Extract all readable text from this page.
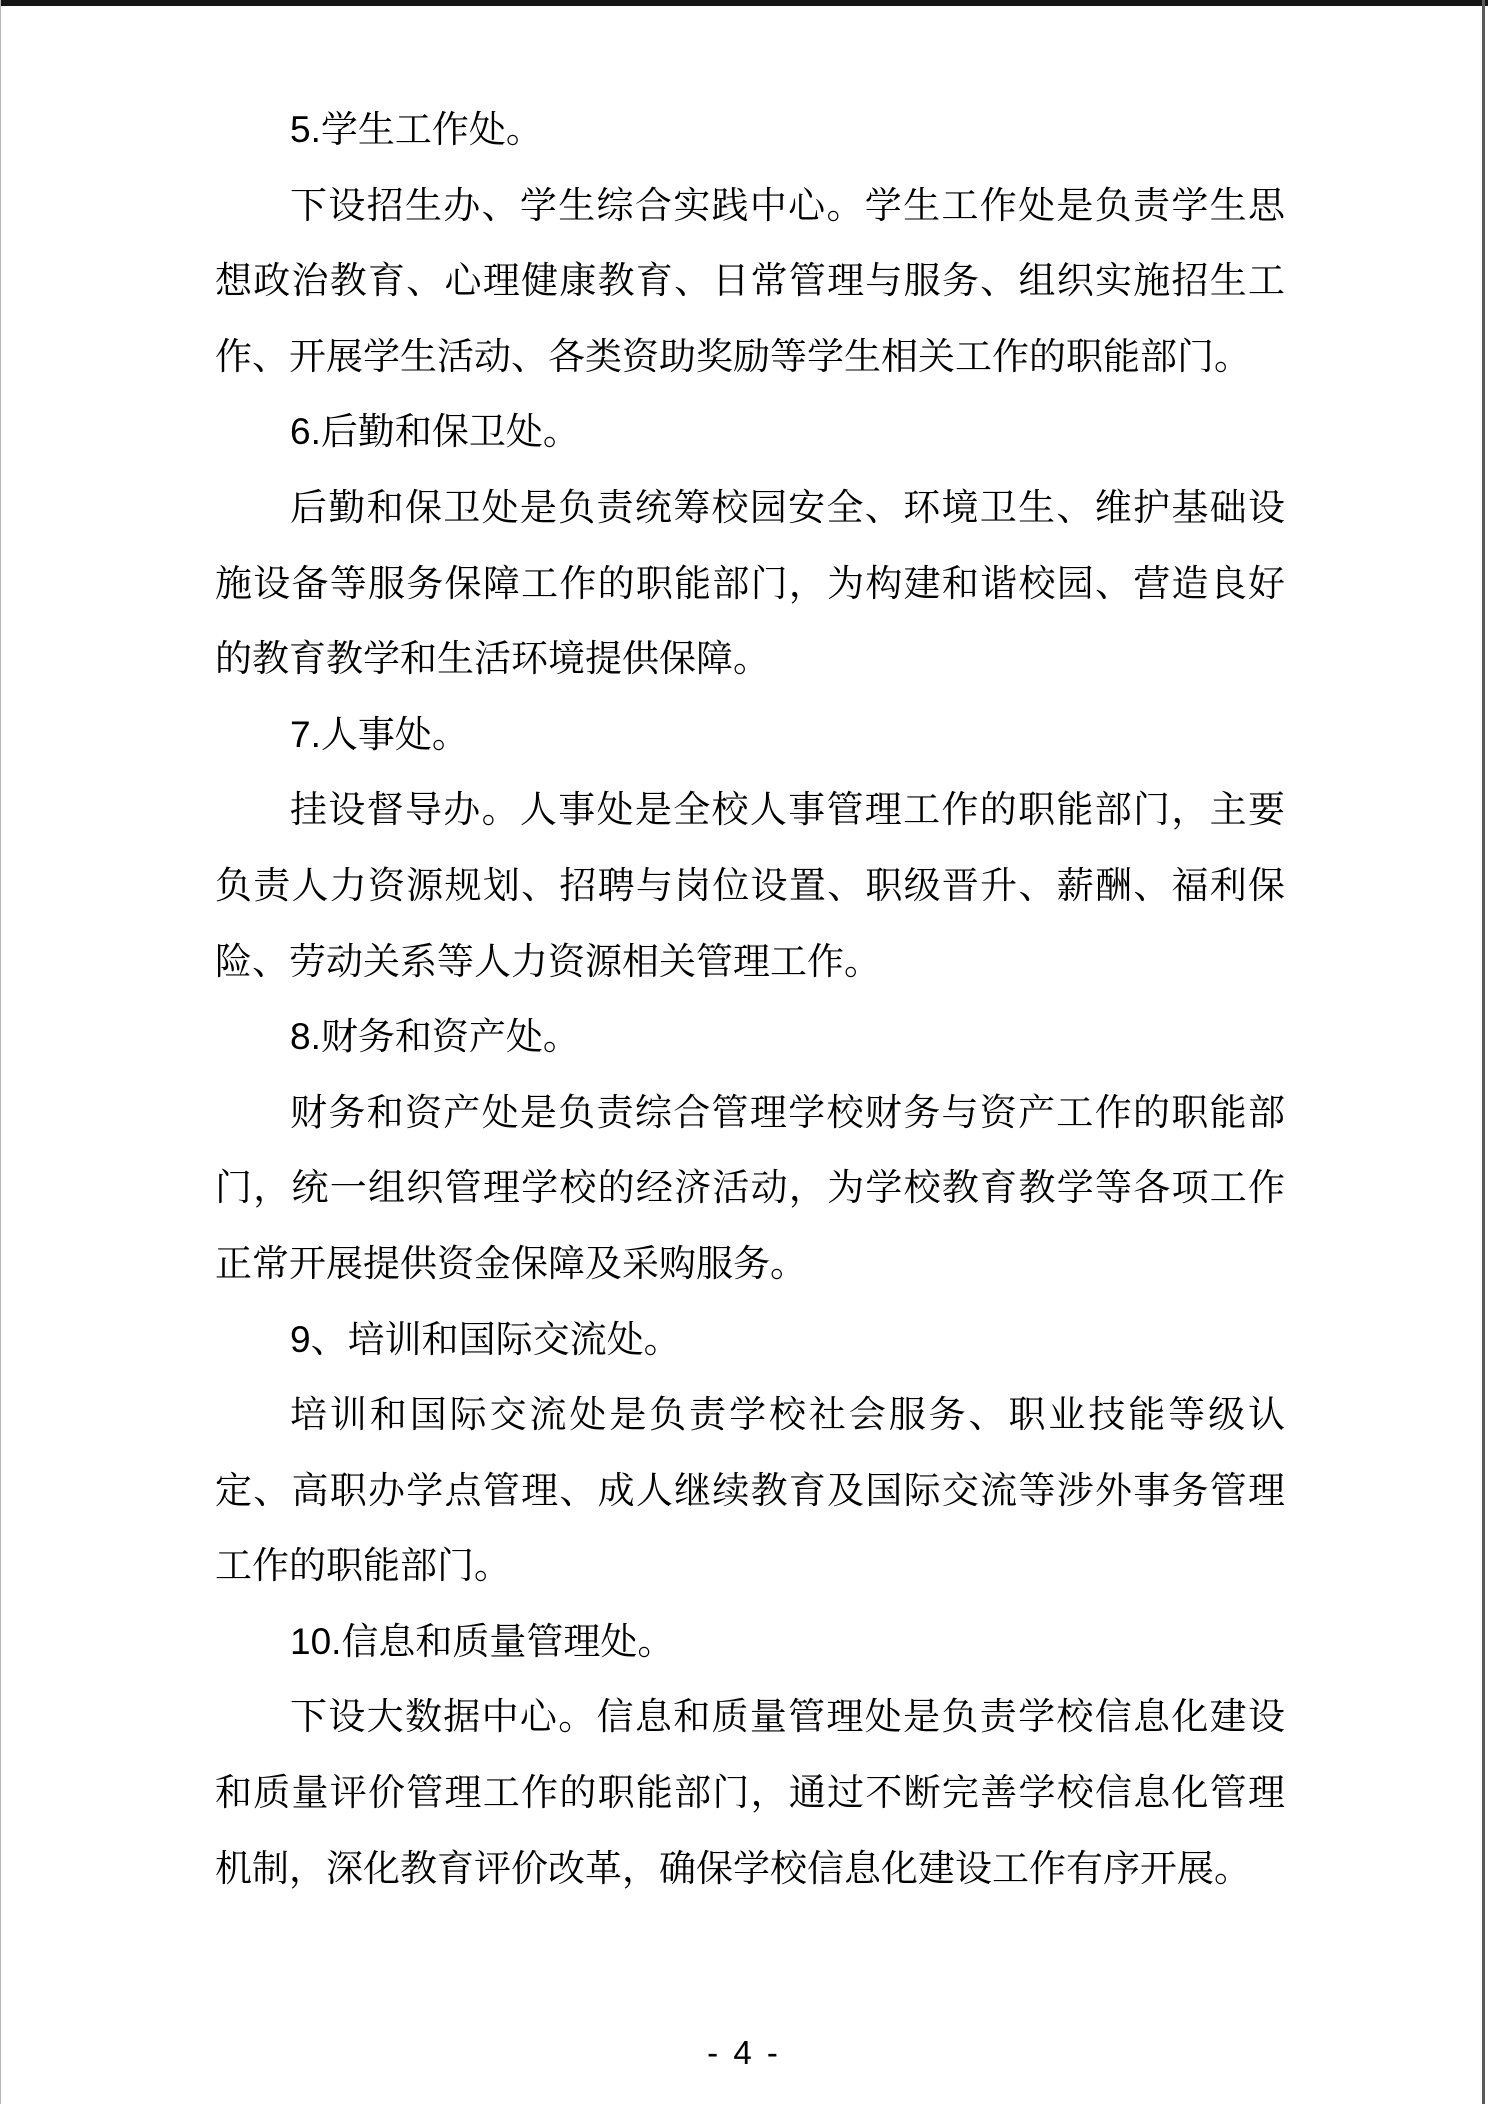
5.学生工作处。
下设招生办、学生综合实践中心。学生工作处是负责学生思
想政治教育、心理健康教育、日常管理与服务、组织实施招生工
作、开展学生活动、各类资助奖励等学生相关工作的职能部门。
6.后勤和保卫处。
后勤和保卫处是负责统筹校园安全、环境卫生、维护基础设
施设备等服务保障工作的职能部门，为构建和谐校园、营造良好
的教育教学和生活环境提供保障。
7.人事处。
挂设督导办。人事处是全校人事管理工作的职能部门，主要
负责人力资源规划、招聘与岗位设置、职级晋升、薪酬、福利保
险、劳动关系等人力资源相关管理工作。
8.财务和资产处。
财务和资产处是负责综合管理学校财务与资产工作的职能部
门，统一组织管理学校的经济活动，为学校教育教学等各项工作
正常开展提供资金保障及采购服务。
9、培训和国际交流处。
培训和国际交流处是负责学校社会服务、职业技能等级认
定、高职办学点管理、成人继续教育及国际交流等涉外事务管理
工作的职能部门。
10.信息和质量管理处。
下设大数据中心。信息和质量管理处是负责学校信息化建设
和质量评价管理工作的职能部门，通过不断完善学校信息化管理
机制，深化教育评价改革，确保学校信息化建设工作有序开展。
- 4 -
